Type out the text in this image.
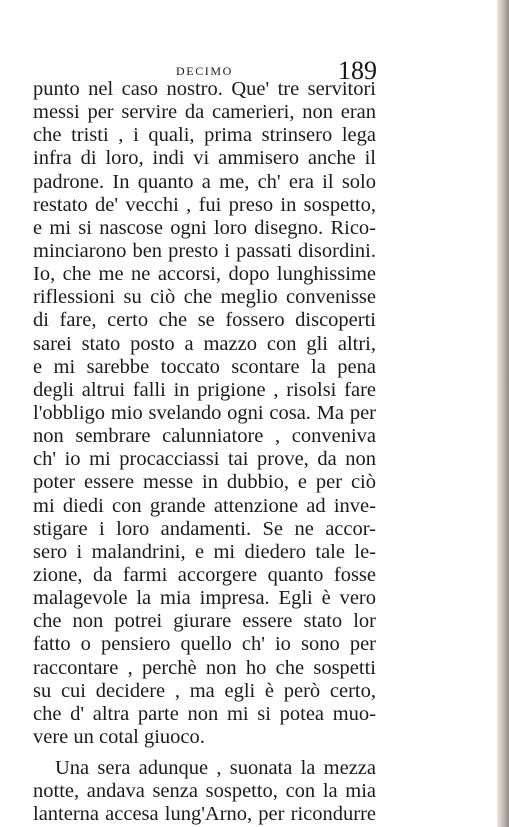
DECIMO	189
punto nel caso nostro. Que' tre servitori
messi per servire da camerieri, non eran
che tristi , i quali, prima strinsero lega
infra di loro, indi vi ammisero anche il
padrone. In quanto a me, ch' era il solo
restato de' vecchi , fui preso in sospetto,
e mi si nascose ogni loro disegno. Rico-
minciarono ben presto i passati disordini.
Io, che me ne accorsi, dopo lunghissime
riflessioni su ciò che meglio convenisse
di fare, certo che se fossero discoperti
sarei stato posto a mazzo con gli altri,
e mi sarebbe toccato scontare la pena
degli altrui falli in prigione , risolsi fare
l'obbligo mio svelando ogni cosa. Ma per
non sembrare calunniatore , conveniva
ch' io mi procacciassi tai prove, da non
poter essere messe in dubbio, e per ciò
mi diedi con grande attenzione ad inve-
stigare i loro andamenti. Se ne accor-
sero i malandrini, e mi diedero tale le-
zione, da farmi accorgere quanto fosse
malagevole la mia impresa. Egli è vero
che non potrei giurare essere stato lor
fatto o pensiero quello ch' io sono per
raccontare , perchè non ho che sospetti
su cui decidere , ma egli è però certo,
che d' altra parte non mi si potea muo-
vere un cotal giuoco.
Una sera adunque , suonata la mezza
notte, andava senza sospetto, con la mia
lanterna accesa lung'Arno, per ricondurre
